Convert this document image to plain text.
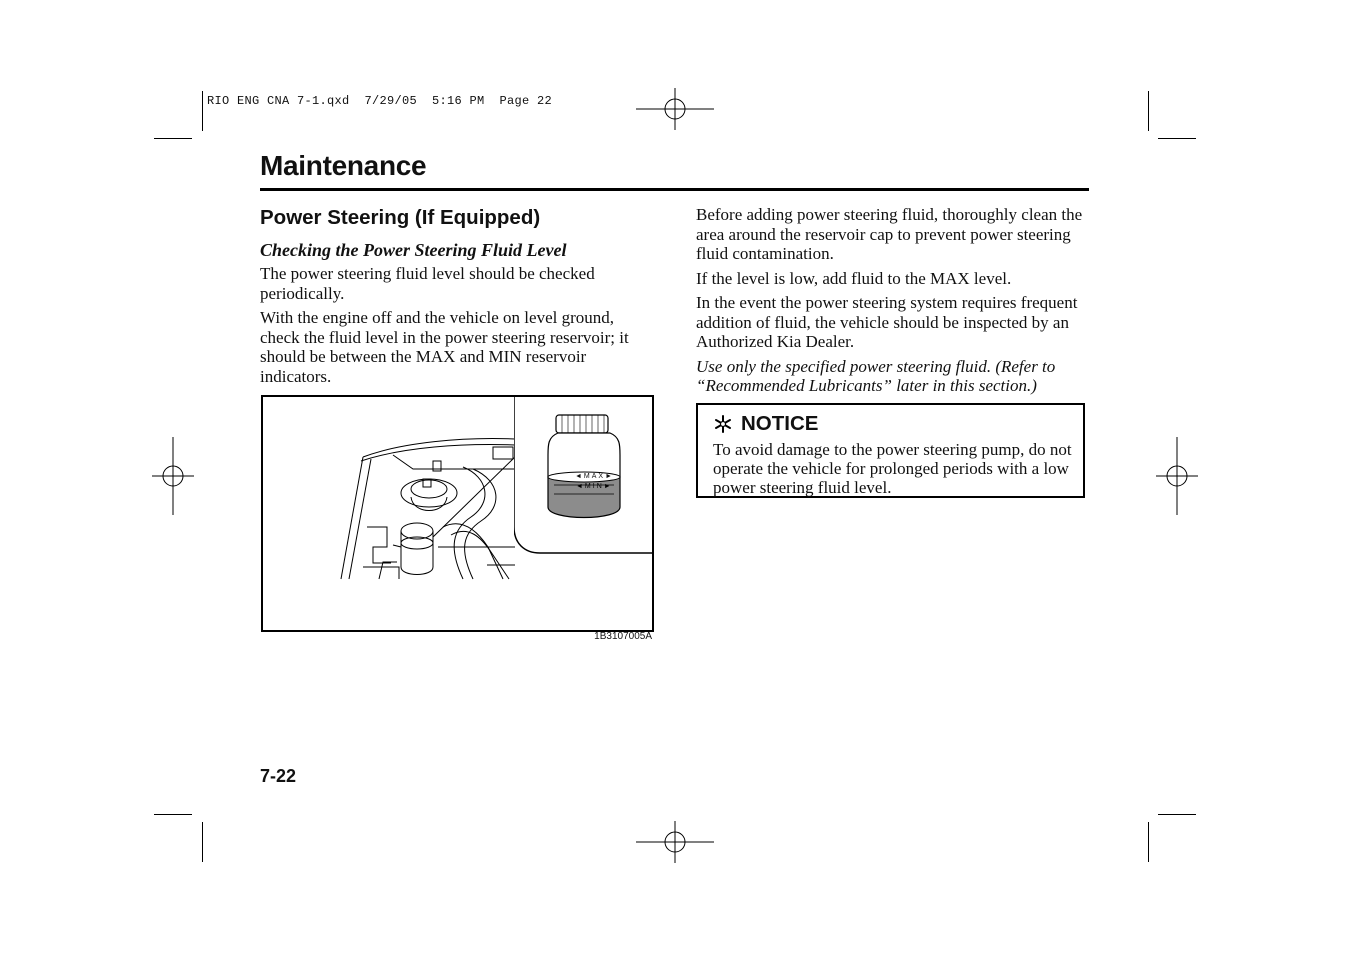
RIO ENG CNA 7-1.qxd  7/29/05  5:16 PM  Page 22
Maintenance
Power Steering (If Equipped)
Checking the Power Steering Fluid Level

The power steering fluid level should be checked periodically.

With the engine off and the vehicle on level ground, check the fluid level in the power steering reservoir; it should be between the MAX and MIN reservoir indicators.

◄MAX►
◄MIN►
1B3107005A

Before adding power steering fluid, thoroughly clean the area around the reservoir cap to prevent power steering fluid contamination.

If the level is low, add fluid to the MAX level.

In the event the power steering system requires frequent addition of fluid, the vehicle should be inspected by an Authorized Kia Dealer.

Use only the specified power steering fluid. (Refer to “Recommended Lubricants” later in this section.)

NOTICE
To avoid damage to the power steering pump, do not operate the vehicle for prolonged periods with a low power steering fluid level.
7-22
